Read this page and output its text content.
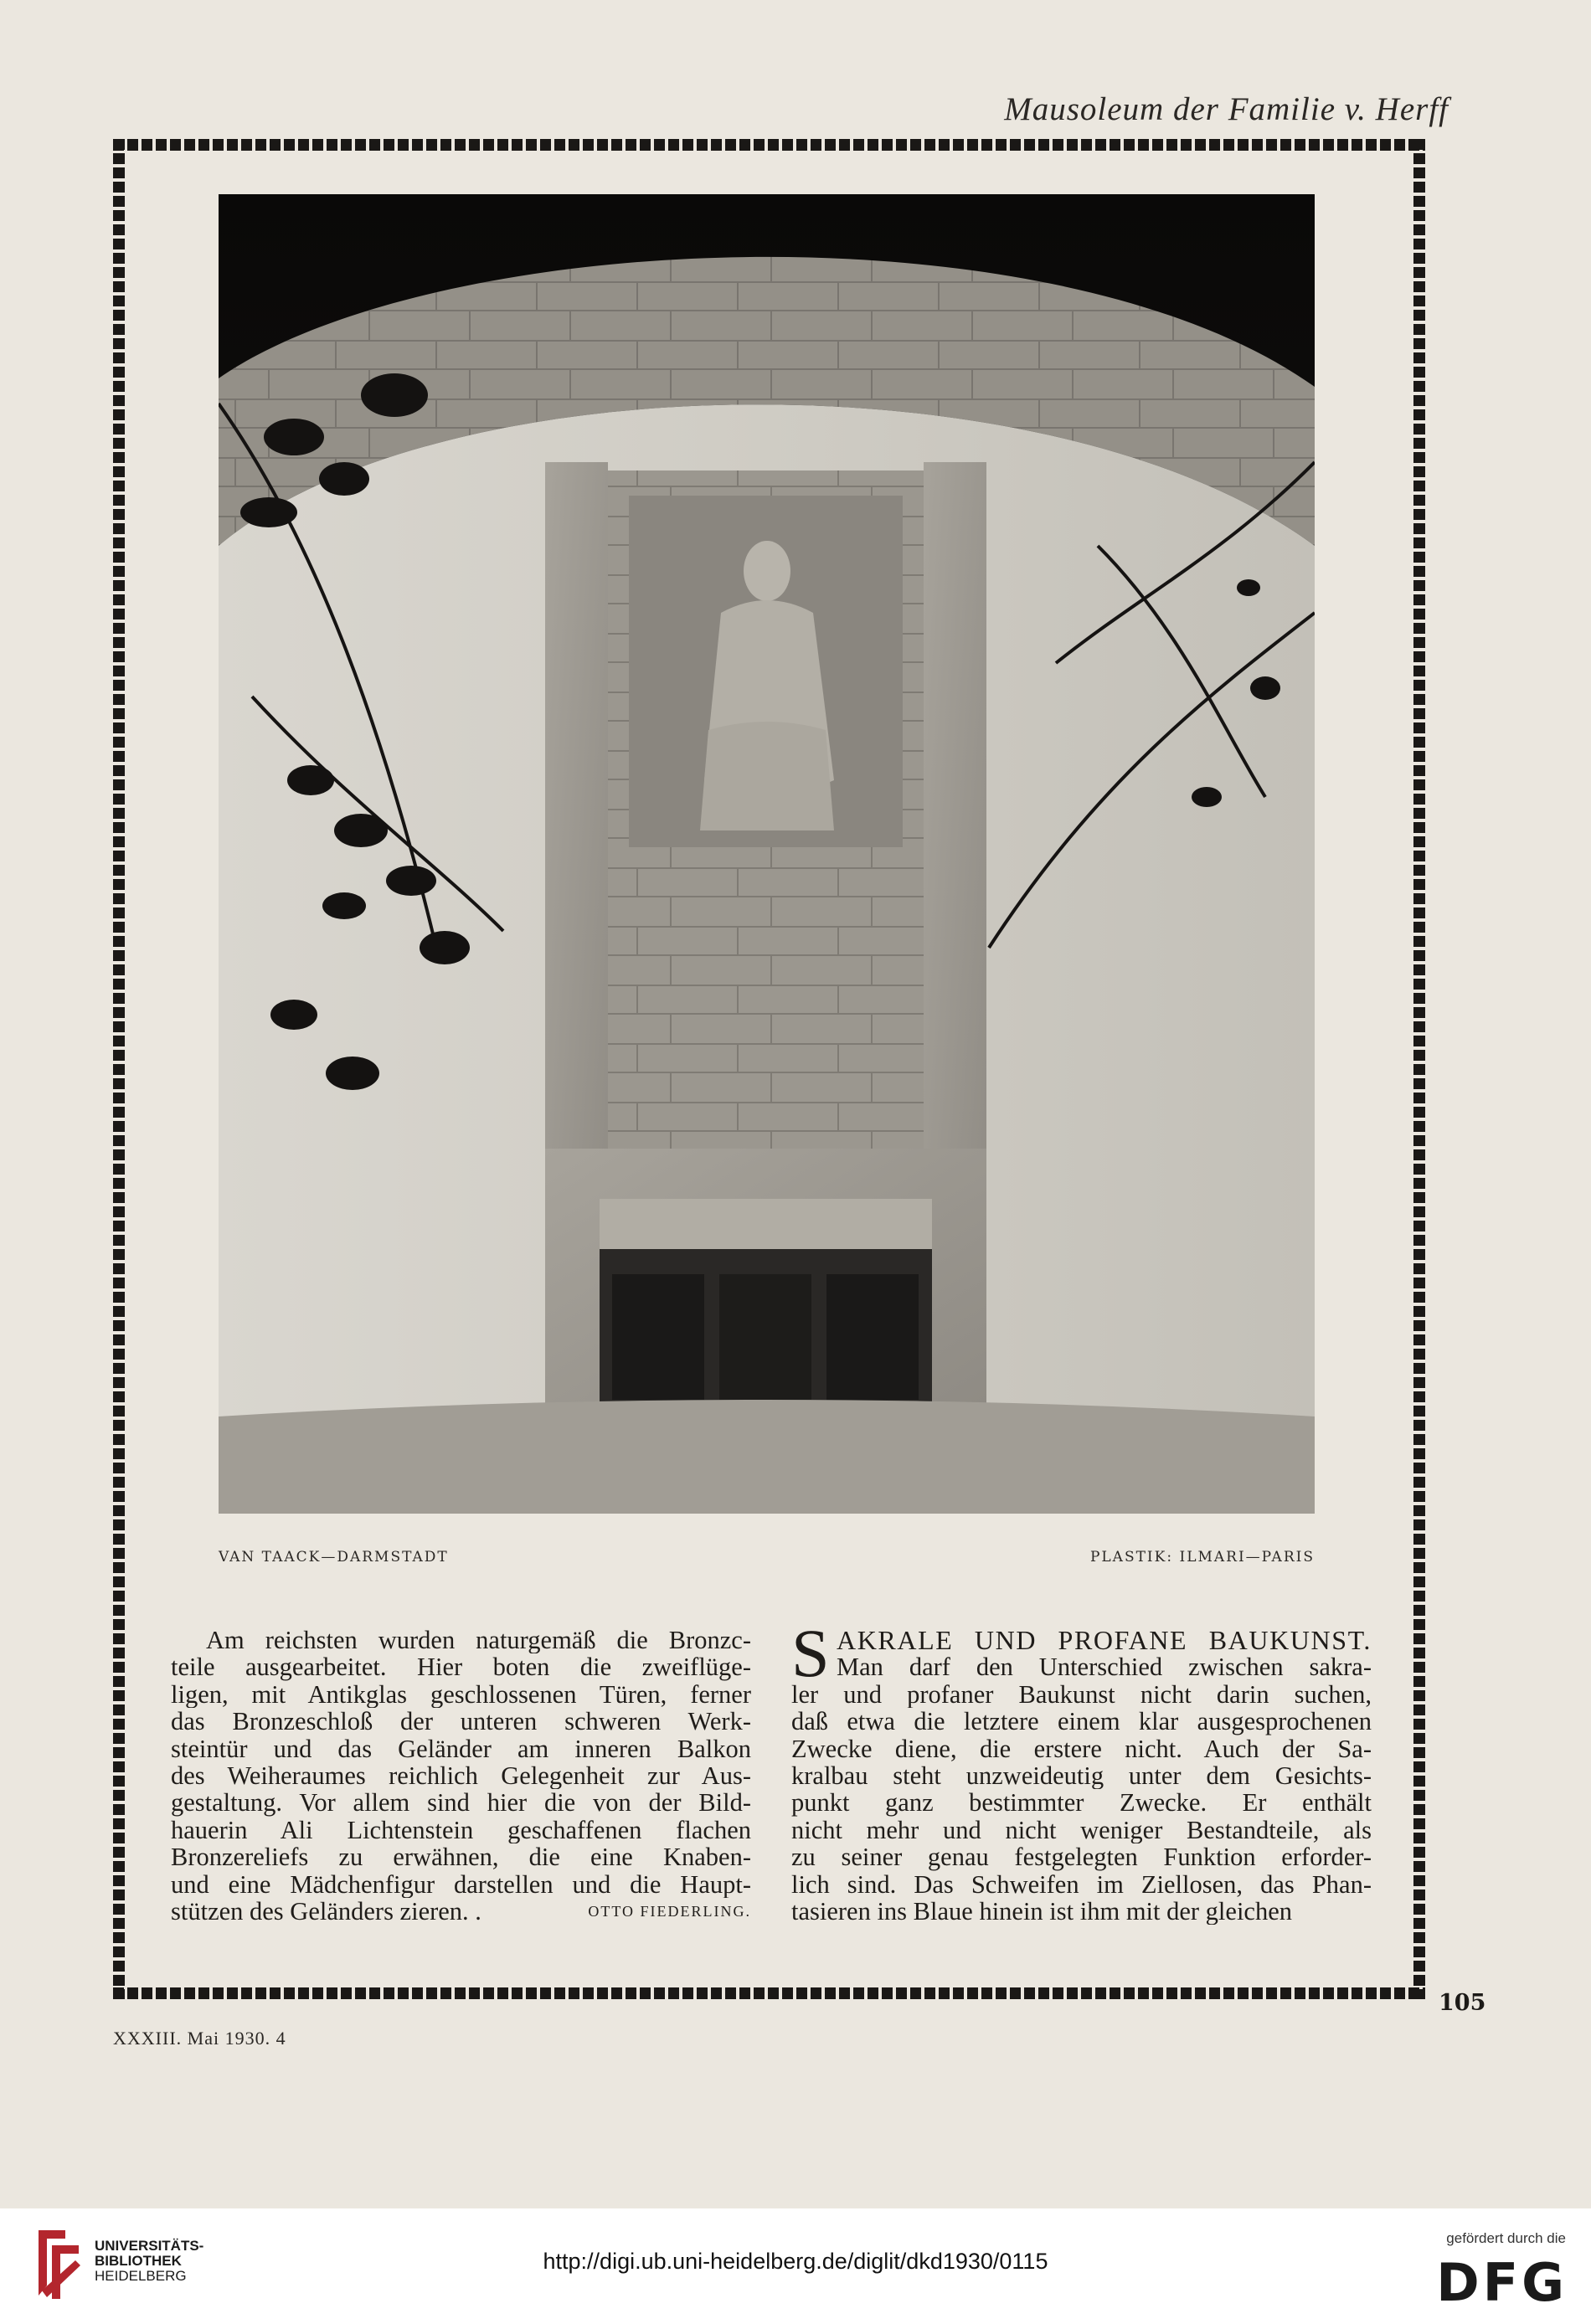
Mausoleum der Familie v. Herff
VAN TAACK—DARMSTADT	PLASTIK: ILMARI—PARIS

Am reichsten wurden naturgemäß die Bronzc-

teile ausgearbeitet. Hier boten die zweiflüge-

ligen, mit Antikglas geschlossenen Türen, ferner

das Bronzeschloß der unteren schweren Werk-

steintür und das Geländer am inneren Balkon

des Weiheraumes reichlich Gelegenheit zur Aus-

gestaltung. Vor allem sind hier die von der Bild-

hauerin Ali Lichtenstein geschaffenen flachen

Bronzereliefs zu erwähnen, die eine Knaben-

und eine Mädchenfigur darstellen und die Haupt-

stützen des Geländers zieren. .	OTTO FIEDERLING.

S AKRALE UND PROFANE BAUKUNST.

Man darf den Unterschied zwischen sakra-

ler und profaner Baukunst nicht darin suchen,

daß etwa die letztere einem klar ausgesprochenen

Zwecke diene, die erstere nicht. Auch der Sa-

kralbau steht unzweideutig unter dem Gesichts-

punkt ganz bestimmter Zwecke. Er enthält

nicht mehr und nicht weniger Bestandteile, als

zu seiner genau festgelegten Funktion erforder-

lich sind. Das Schweifen im Ziellosen, das Phan-

tasieren ins Blaue hinein ist ihm mit der gleichen

105
XXXIII. Mai 1930. 4
UNIVERSITÄTS-
BIBLIOTHEK
HEIDELBERG
http://digi.ub.uni-heidelberg.de/diglit/dkd1930/0115
gefördert durch die
DFG
